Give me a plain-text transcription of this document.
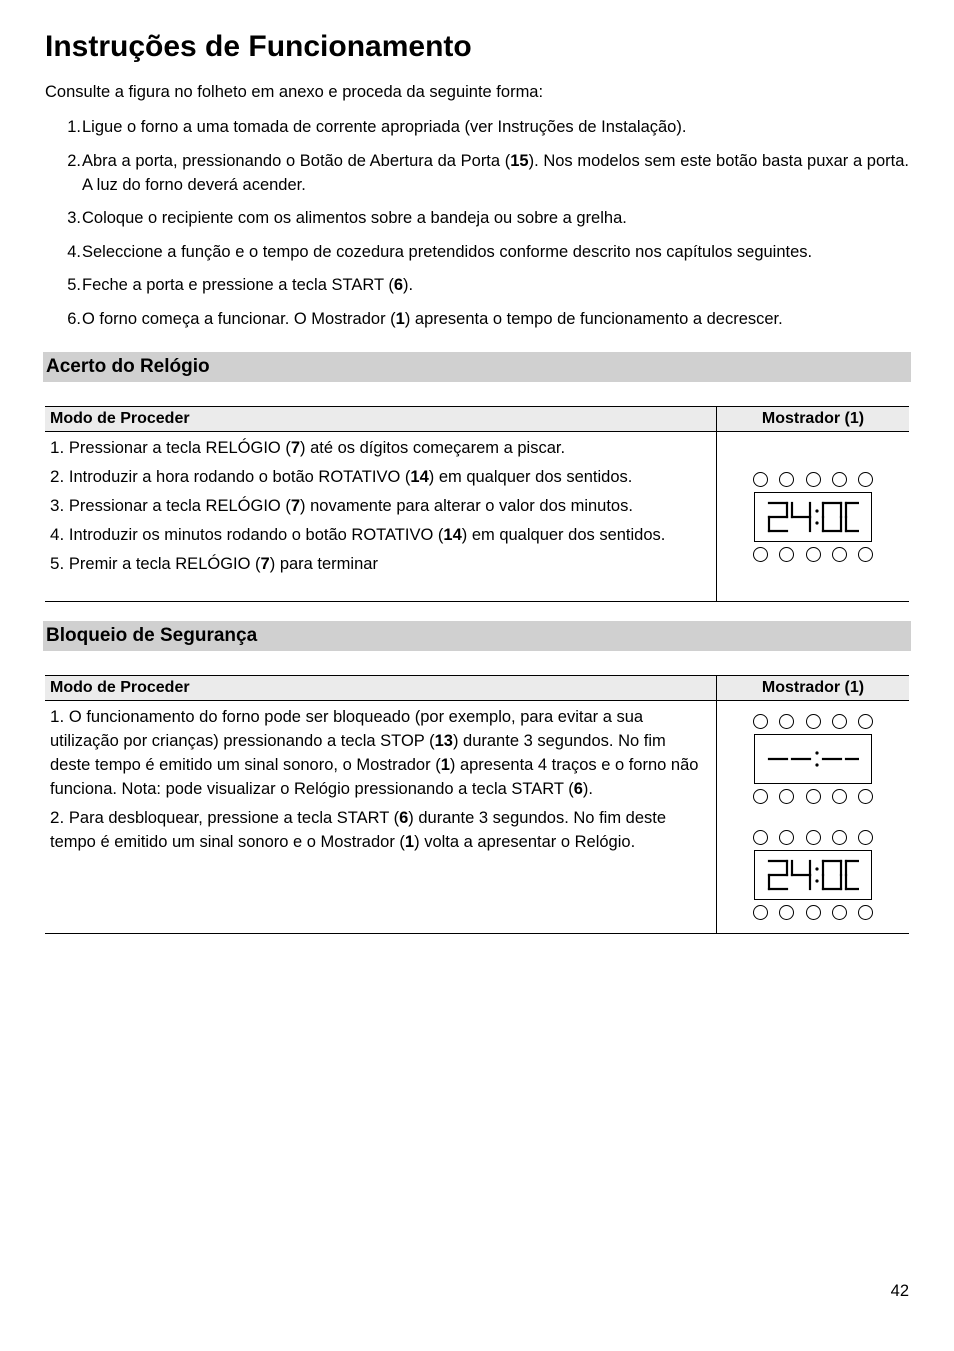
Instruções de Funcionamento

Consulte a figura no folheto em anexo e proceda da seguinte forma:

1. Ligue o forno a uma tomada de corrente apropriada (ver Instruções de Instalação).
2. Abra a porta, pressionando o Botão de Abertura da Porta (15). Nos modelos sem este botão basta puxar a porta. A luz do forno deverá acender.
3. Coloque o recipiente com os alimentos sobre a bandeja ou sobre a grelha.
4. Seleccione a função e o tempo de cozedura pretendidos conforme descrito nos capítulos seguintes.
5. Feche a porta e pressione a tecla START (6).
6. O forno começa a funcionar. O Mostrador (1) apresenta o tempo de funcionamento a decrescer.
Acerto do Relógio
Modo de Proceder	Mostrador (1)

1. Pressionar a tecla RELÓGIO (7) até os dígitos começarem a piscar.
2. Introduzir a hora rodando o botão ROTATIVO (14) em qualquer dos sentidos.
3. Pressionar a tecla RELÓGIO (7) novamente para alterar o valor dos minutos.
4. Introduzir os minutos rodando o botão ROTATIVO (14) em qualquer dos sentidos.
5. Premir a tecla RELÓGIO (7) para terminar

Bloqueio de Segurança
Modo de Proceder	Mostrador (1)

1. O funcionamento do forno pode ser bloqueado (por exemplo, para evitar a sua utilização por crianças) pressionando a tecla STOP (13) durante 3 segundos. No fim deste tempo é emitido um sinal sonoro, o Mostrador (1) apresenta 4 traços e o forno não funciona. Nota: pode visualizar o Relógio pressionando a tecla START (6).
2. Para desbloquear, pressione a tecla START (6) durante 3 segundos. No fim deste tempo é emitido um sinal sonoro e o Mostrador (1) volta a apresentar o Relógio.

42
